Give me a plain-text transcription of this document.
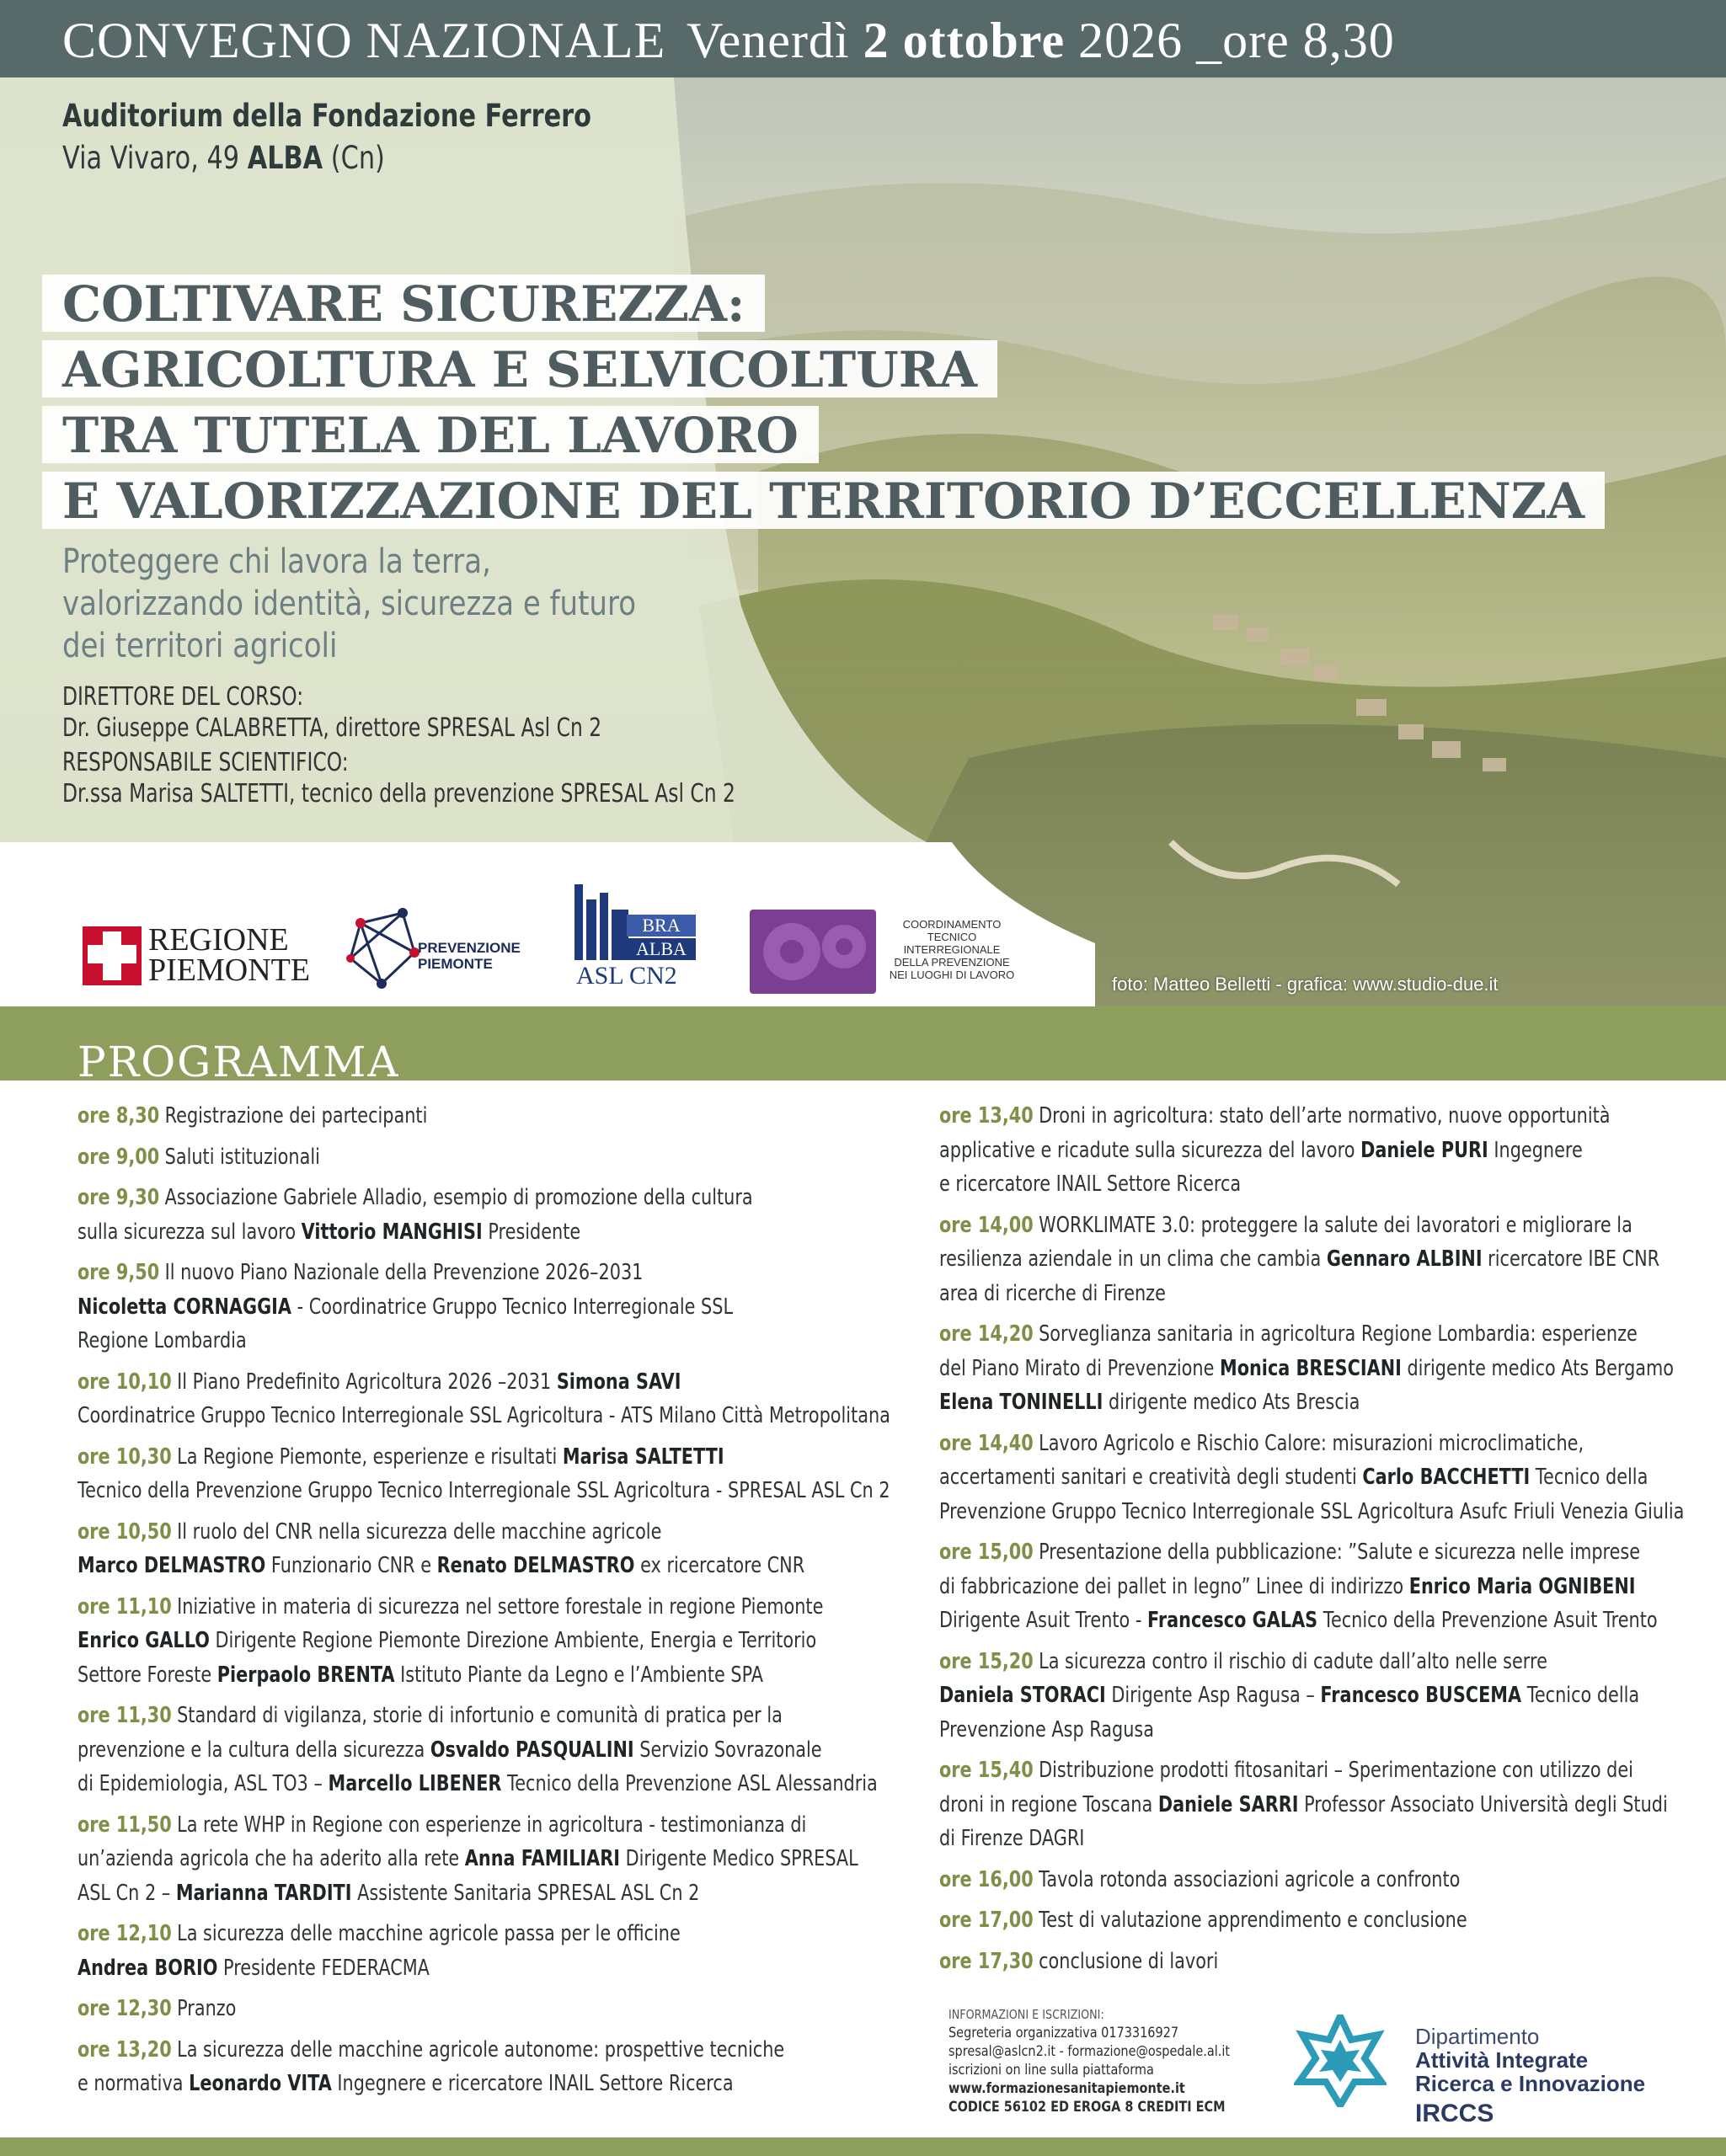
CONVEGNO NAZIONALE Venerdì 2 ottobre 2026 _ore 8,30
Auditorium della Fondazione Ferrero
Via Vivaro, 49 ALBA (Cn)
COLTIVARE SICUREZZA:
AGRICOLTURA E SELVICOLTURA
TRA TUTELA DEL LAVORO
E VALORIZZAZIONE DEL TERRITORIO D’ECCELLENZA
Proteggere chi lavora la terra,
valorizzando identità, sicurezza e futuro
dei territori agricoli
DIRETTORE DEL CORSO:
Dr. Giuseppe CALABRETTA, direttore SPRESAL Asl Cn 2
RESPONSABILE SCIENTIFICO:
Dr.ssa Marisa SALTETTI, tecnico della prevenzione SPRESAL Asl Cn 2
REGIONE
PIEMONTE
PREVENZIONE
PIEMONTE
BRA
ALBA
ASL CN2
COORDINAMENTO
TECNICO
INTERREGIONALE
DELLA PREVENZIONE
NEI LUOGHI DI LAVORO	foto: Matteo Belletti - grafica: www.studio-due.it
PROGRAMMA

ore 8,30 Registrazione dei partecipanti

ore 9,00 Saluti istituzionali

ore 9,30 Associazione Gabriele Alladio, esempio di promozione della cultura

sulla sicurezza sul lavoro Vittorio MANGHISI Presidente

ore 9,50 Il nuovo Piano Nazionale della Prevenzione 2026–2031

Nicoletta CORNAGGIA - Coordinatrice Gruppo Tecnico Interregionale SSL

Regione Lombardia

ore 10,10 Il Piano Predefinito Agricoltura 2026 –2031 Simona SAVI

Coordinatrice Gruppo Tecnico Interregionale SSL Agricoltura - ATS Milano Città Metropolitana

ore 10,30 La Regione Piemonte, esperienze e risultati Marisa SALTETTI

Tecnico della Prevenzione Gruppo Tecnico Interregionale SSL Agricoltura - SPRESAL ASL Cn 2

ore 10,50 Il ruolo del CNR nella sicurezza delle macchine agricole

Marco DELMASTRO Funzionario CNR e Renato DELMASTRO ex ricercatore CNR

ore 11,10 Iniziative in materia di sicurezza nel settore forestale in regione Piemonte

Enrico GALLO Dirigente Regione Piemonte Direzione Ambiente, Energia e Territorio

Settore Foreste Pierpaolo BRENTA Istituto Piante da Legno e l’Ambiente SPA

ore 11,30 Standard di vigilanza, storie di infortunio e comunità di pratica per la

prevenzione e la cultura della sicurezza Osvaldo PASQUALINI Servizio Sovrazonale

di Epidemiologia, ASL TO3 – Marcello LIBENER Tecnico della Prevenzione ASL Alessandria

ore 11,50 La rete WHP in Regione con esperienze in agricoltura - testimonianza di

un’azienda agricola che ha aderito alla rete Anna FAMILIARI Dirigente Medico SPRESAL

ASL Cn 2 – Marianna TARDITI Assistente Sanitaria SPRESAL ASL Cn 2

ore 12,10 La sicurezza delle macchine agricole passa per le officine

Andrea BORIO Presidente FEDERACMA

ore 12,30 Pranzo

ore 13,20 La sicurezza delle macchine agricole autonome: prospettive tecniche

e normativa Leonardo VITA Ingegnere e ricercatore INAIL Settore Ricerca

ore 13,40 Droni in agricoltura: stato dell’arte normativo, nuove opportunità

applicative e ricadute sulla sicurezza del lavoro Daniele PURI Ingegnere

e ricercatore INAIL Settore Ricerca

ore 14,00 WORKLIMATE 3.0: proteggere la salute dei lavoratori e migliorare la

resilienza aziendale in un clima che cambia Gennaro ALBINI ricercatore IBE CNR

area di ricerche di Firenze

ore 14,20 Sorveglianza sanitaria in agricoltura Regione Lombardia: esperienze

del Piano Mirato di Prevenzione Monica BRESCIANI dirigente medico Ats Bergamo

Elena TONINELLI dirigente medico Ats Brescia

ore 14,40 Lavoro Agricolo e Rischio Calore: misurazioni microclimatiche,

accertamenti sanitari e creatività degli studenti Carlo BACCHETTI Tecnico della

Prevenzione Gruppo Tecnico Interregionale SSL Agricoltura Asufc Friuli Venezia Giulia

ore 15,00 Presentazione della pubblicazione: ”Salute e sicurezza nelle imprese

di fabbricazione dei pallet in legno” Linee di indirizzo Enrico Maria OGNIBENI

Dirigente Asuit Trento - Francesco GALAS Tecnico della Prevenzione Asuit Trento

ore 15,20 La sicurezza contro il rischio di cadute dall’alto nelle serre

Daniela STORACI Dirigente Asp Ragusa – Francesco BUSCEMA Tecnico della

Prevenzione Asp Ragusa

ore 15,40 Distribuzione prodotti fitosanitari – Sperimentazione con utilizzo dei

droni in regione Toscana Daniele SARRI Professor Associato Università degli Studi

di Firenze DAGRI

ore 16,00 Tavola rotonda associazioni agricole a confronto

ore 17,00 Test di valutazione apprendimento e conclusione

ore 17,30 conclusione di lavori

INFORMAZIONI E ISCRIZIONI:

Segreteria organizzativa 0173316927

spresal@aslcn2.it - formazione@ospedale.al.it

iscrizioni on line sulla piattaforma

www.formazionesanitapiemonte.it

CODICE 56102 ED EROGA 8 CREDITI ECM

Dipartimento

Attività Integrate

Ricerca e Innovazione

IRCCS
